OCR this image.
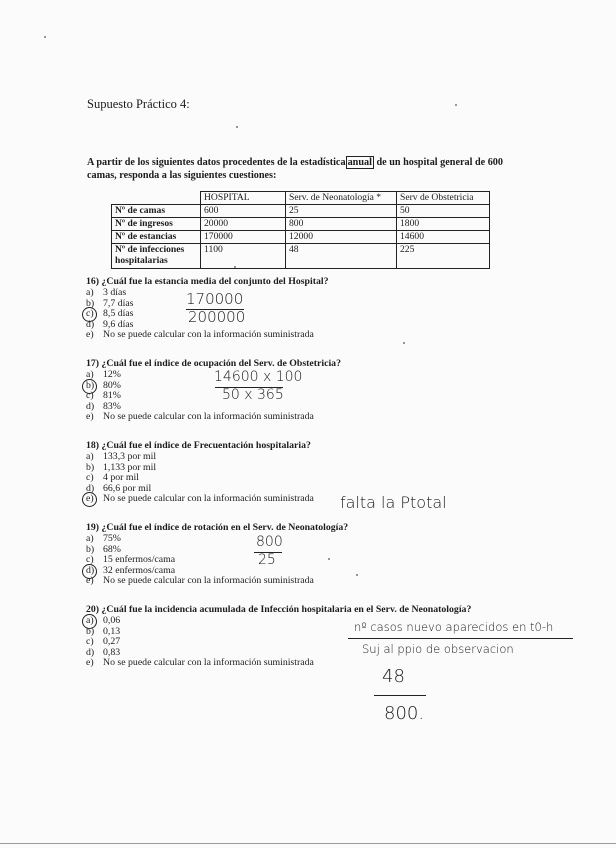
Supuesto Práctico 4:
A partir de los siguientes datos procedentes de la estadística anual de un hospital general de 600 camas, responda a las siguientes cuestiones:
	HOSPITAL	Serv. de Neonatología *	Serv de Obstetricia
Nº de camas	600	25	50
Nº de ingresos	20000	800	1800
Nº de estancias	170000	12000	14600
Nº de infecciones hospitalarias	1100	48	225
16) ¿Cuál fue la estancia media del conjunto del Hospital?
a) 3 días
b) 7,7 días
c) 8,5 días
d) 9,6 días
e) No se puede calcular con la información suministrada
17) ¿Cuál fue el índice de ocupación del Serv. de Obstetricia?
a) 12%
b) 80%
c) 81%
d) 83%
e) No se puede calcular con la información suministrada
18) ¿Cuál fue el índice de Frecuentación hospitalaria?
a) 133,3 por mil
b) 1,133 por mil
c) 4 por mil
d) 66,6 por mil
e) No se puede calcular con la información suministrada
19) ¿Cuál fue el índice de rotación en el Serv. de Neonatología?
a) 75%
b) 68%
c) 15 enfermos/cama
d) 32 enfermos/cama
e) No se puede calcular con la información suministrada
20) ¿Cuál fue la incidencia acumulada de Infección hospitalaria en el Serv. de Neonatología?
a) 0,06
b) 0,13
c) 0,27
d) 0,83
e) No se puede calcular con la información suministrada
170000
200000
14600 x 100
50 x 365
falta la Ptotal
800
25
nº casos nuevo aparecidos en t0-h
Suj al ppio de observacion
48
800.
